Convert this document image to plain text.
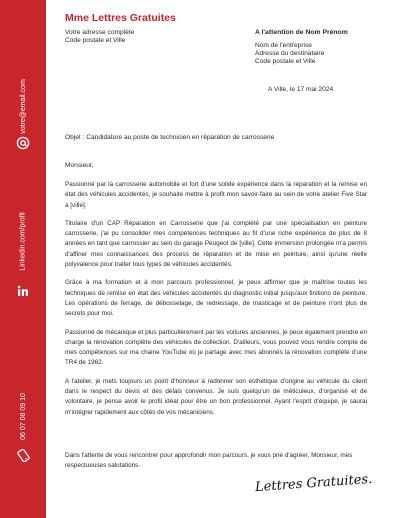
votre@email.com
Linkedin.com/profil
06 07 08 09 10
Mme Lettres Gratuites
Votre adresse complète
Code postale et Ville
A l'attention de Nom Prénom
Nom de l'entreprise
Adresse du destinataire
Code postale et Ville
A Ville, le 17 mai 2024
Objet : Candidature au poste de technicien en réparation de carrosserie
Monsieur,

Passionné par la carrosserie automobile et fort d'une solide expérience dans la réparation et la remise en état des véhicules accidentés, je souhaite mettre à profit mon savoir-faire au sein de votre atelier Five Star à [ville].

Titulaire d'un CAP Réparation en Carrosserie que j'ai complété par une spécialisation en peinture carrosserie, j'ai pu consolider mes compétences techniques au fil d'une riche expérience de plus de 8 années en tant que carrossier au sein du garage Peugeot de [ville]. Cette immersion prolongée m'a permis d'affiner mes connaissances des process de réparation et de mise en peinture, ainsi qu'une réelle polyvalence pour traiter tous types de véhicules accidentés.

Grâce à ma formation et à mon parcours professionnel, je peux affirmer que je maîtrise toutes les techniques de remise en état des véhicules accidentés du diagnostic initial jusqu'aux finitions de peinture. Les opérations de ferrage, de débosselage, de redressage, de masticage et de peinture n'ont plus de secrets pour moi.

Passionné de mécanique et plus particulièrement par les voitures anciennes, je peux également prendre en charge la rénovation complète des véhicules de collection. D'ailleurs, vous pouvez vous rendre compte de mes compétences sur ma chaine YouTube où je partage avec mes abonnés la rénovation complète d'une TR4 de 1962.

A l'atelier, je mets toujours un point d'honneur à redonner son esthétique d'origine au véhicule du client dans le respect du devis et des délais convenus. Je suis quelqu'un de méticuleux, d'organisé et de volontaire, je pense avoir le profil idéal pour être un bon professionnel. Ayant l'esprit d'équipe, je saurai m'intégrer rapidement aux côtés de vos mécaniciens.

Dans l'attente de vous rencontrer pour approfondir mon parcours, je vous prie d'agréer, Monsieur, mes respectueuses salutations.
Lettres Gratuites.
